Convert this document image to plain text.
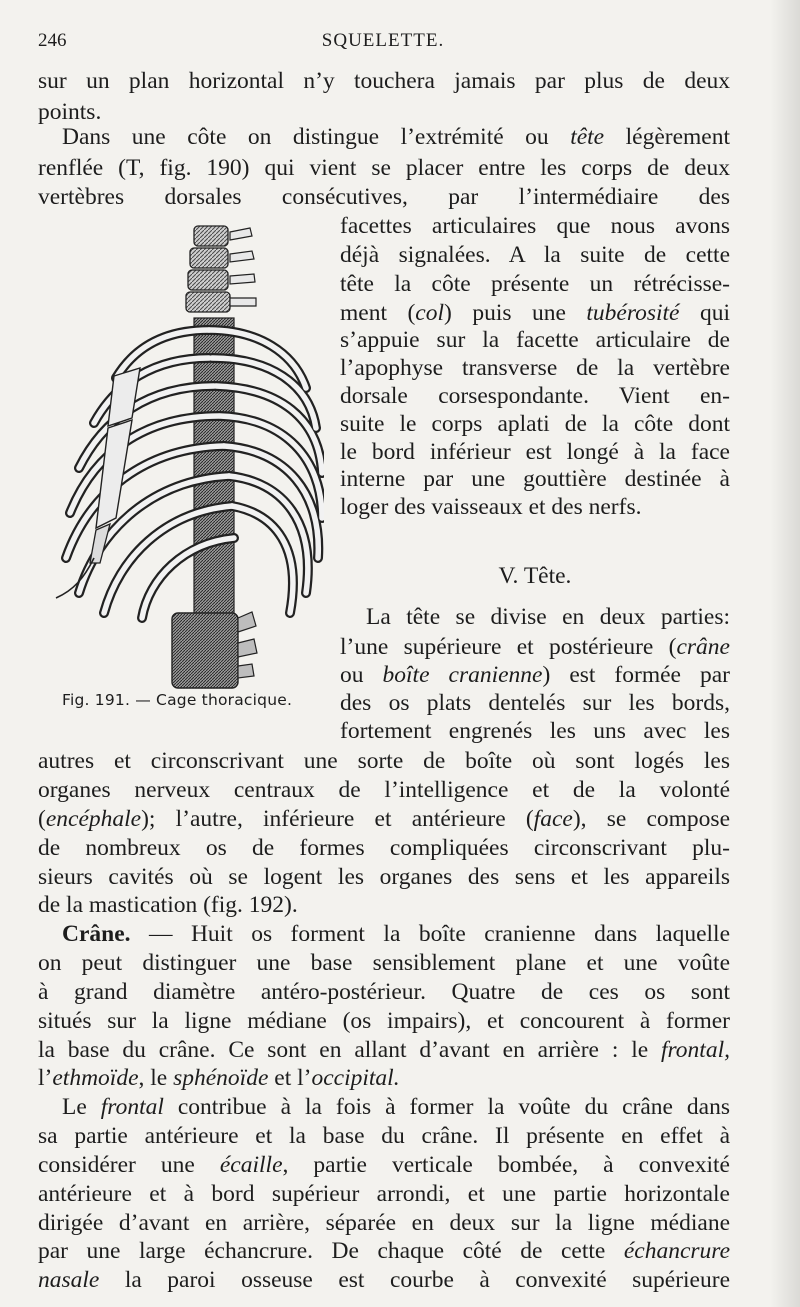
246	SQUELETTE.
sur un plan horizontal n’y touchera jamais par plus de deux
points.
Dans une côte on distingue l’extrémité ou tête légèrement
renflée (T, fig. 190) qui vient se placer entre les corps de deux
vertèbres dorsales consécutives, par l’intermédiaire des
facettes articulaires que nous avons
déjà signalées. A la suite de cette
tête la côte présente un rétrécisse-
ment (col) puis une tubérosité qui
s’appuie sur la facette articulaire de
l’apophyse transverse de la vertèbre
dorsale corsespondante. Vient en-
suite le corps aplati de la côte dont
le bord inférieur est longé à la face
interne par une gouttière destinée à
loger des vaisseaux et des nerfs.
V. Tête.
La tête se divise en deux parties:
l’une supérieure et postérieure (crâne
ou boîte cranienne) est formée par
des os plats dentelés sur les bords,
fortement engrenés les uns avec les
autres et circonscrivant une sorte de boîte où sont logés les
organes nerveux centraux de l’intelligence et de la volonté
(encéphale); l’autre, inférieure et antérieure (face), se compose
de nombreux os de formes compliquées circonscrivant plu-
sieurs cavités où se logent les organes des sens et les appareils
de la mastication (fig. 192).
Crâne. — Huit os forment la boîte cranienne dans laquelle
on peut distinguer une base sensiblement plane et une voûte
à grand diamètre antéro-postérieur. Quatre de ces os sont
situés sur la ligne médiane (os impairs), et concourent à former
la base du crâne. Ce sont en allant d’avant en arrière : le frontal,
l’ethmoïde, le sphénoïde et l’occipital.
Le frontal contribue à la fois à former la voûte du crâne dans
sa partie antérieure et la base du crâne. Il présente en effet à
considérer une écaille, partie verticale bombée, à convexité
antérieure et à bord supérieur arrondi, et une partie horizontale
dirigée d’avant en arrière, séparée en deux sur la ligne médiane
par une large échancrure. De chaque côté de cette échancrure
nasale la paroi osseuse est courbe à convexité supérieure
Fig. 191. — Cage thoracique.
